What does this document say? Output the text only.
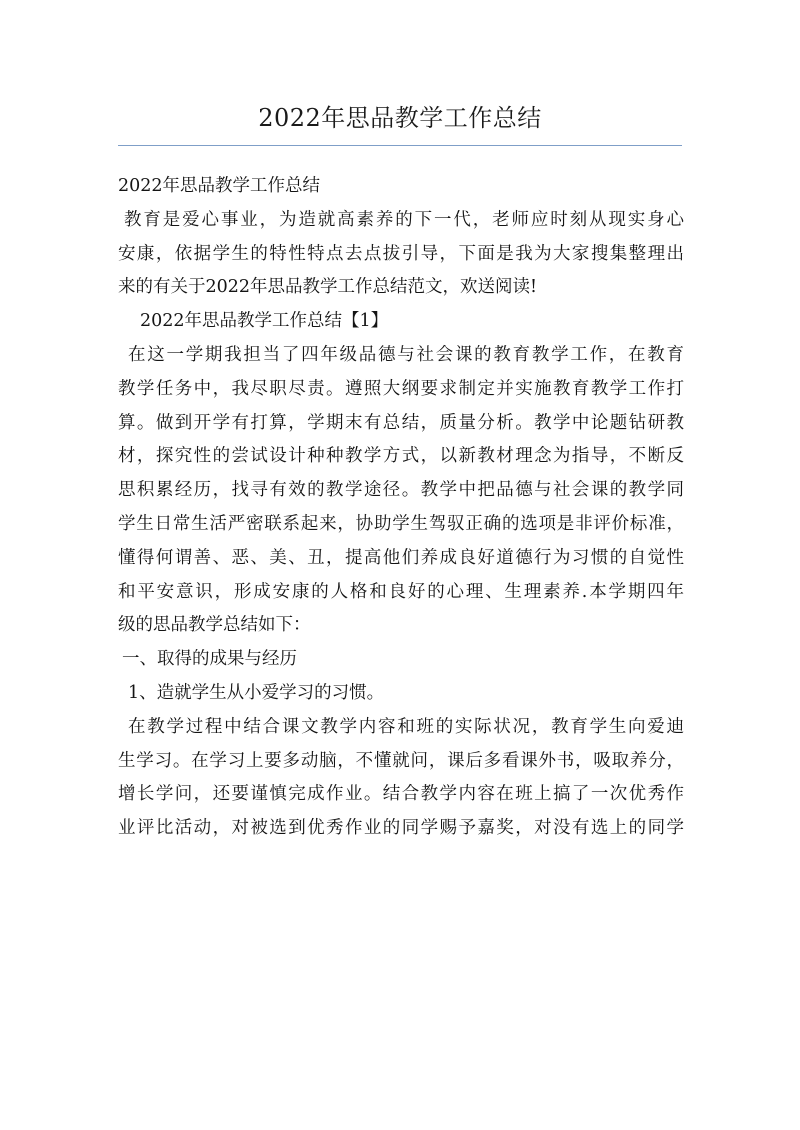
2022年思品教学工作总结
2022年思品教学工作总结
教育是爱心事业，为造就高素养的下一代，老师应时刻从现实身心
安康，依据学生的特性特点去点拔引导，下面是我为大家搜集整理出
来的有关于2022年思品教学工作总结范文，欢送阅读!
2022年思品教学工作总结【1】
在这一学期我担当了四年级品德与社会课的教育教学工作，在教育
教学任务中，我尽职尽责。遵照大纲要求制定并实施教育教学工作打
算。做到开学有打算，学期末有总结，质量分析。教学中论题钻研教
材，探究性的尝试设计种种教学方式，以新教材理念为指导，不断反
思积累经历，找寻有效的教学途径。教学中把品德与社会课的教学同
学生日常生活严密联系起来，协助学生驾驭正确的选项是非评价标准，
懂得何谓善、恶、美、丑，提高他们养成良好道德行为习惯的自觉性
和平安意识，形成安康的人格和良好的心理、生理素养.本学期四年
级的思品教学总结如下：
一、取得的成果与经历
1、造就学生从小爱学习的习惯。
在教学过程中结合课文教学内容和班的实际状况，教育学生向爱迪
生学习。在学习上要多动脑，不懂就问，课后多看课外书，吸取养分，
增长学问，还要谨慎完成作业。结合教学内容在班上搞了一次优秀作
业评比活动，对被选到优秀作业的同学赐予嘉奖，对没有选上的同学
